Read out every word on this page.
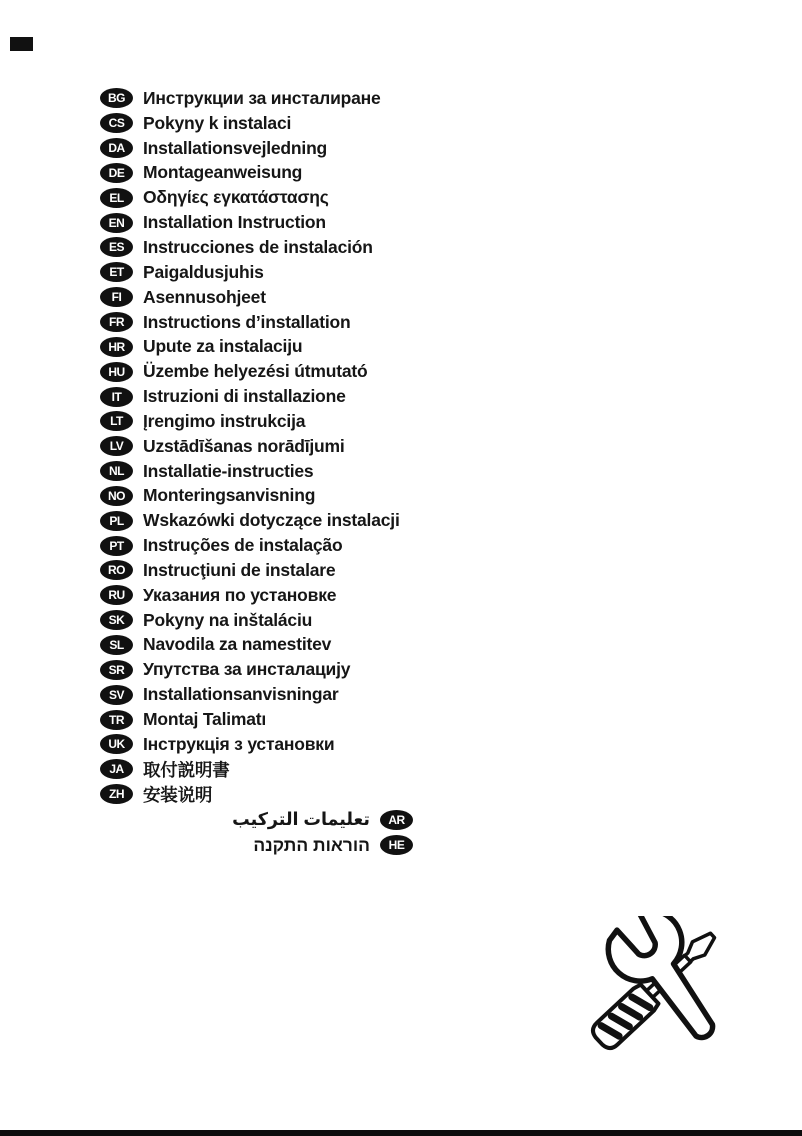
BG	Инструкции за инсталиране
CS	Pokyny k instalaci
DA	Installationsvejledning
DE	Montageanweisung
EL	Οδηγίες εγκατάστασης
EN	Installation Instruction
ES	Instrucciones de instalación
ET	Paigaldusjuhis
FI	Asennusohjeet
FR	Instructions d’installation
HR	Upute za instalaciju
HU	Üzembe helyezési útmutató
IT	Istruzioni di installazione
LT	Įrengimo instrukcija
LV	Uzstādīšanas norādījumi
NL	Installatie-instructies
NO	Monteringsanvisning
PL	Wskazówki dotyczące instalacji
PT	Instruções de instalação
RO	Instrucţiuni de instalare
RU	Указания по установке
SK	Pokyny na inštaláciu
SL	Navodila za namestitev
SR	Упутства за инсталацију
SV	Installationsanvisningar
TR	Montaj Talimatı
UK	Інструкція з установки
JA	取付説明書
ZH	安装说明
تعليمات التركيب	AR
הוראות התקנה	HE
